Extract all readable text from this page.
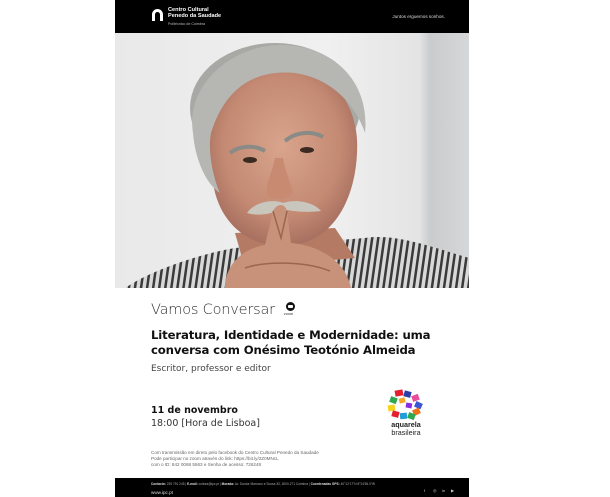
Centro Cultural
Penedo da Saudade
Politécnico de Coimbra
Juntos erguemos sonhos.
Vamos Conversar	zoom
Literatura, Identidade e Modernidade: uma
conversa com Onésimo Teotónio Almeida
Escritor, professor e editor
11 de novembro
18:00 [Hora de Lisboa]	aquarela
brasileira
Com transmissão em direto pelo facebook do Centro Cultural Penedo da Saudade
Pode participar no zoom através do link: https://bit.ly/2Z0MNcL
com o ID: 842 0068 5563 e Senha de acesso: 726248
Contacto: 239 791 245 | E-mail: cultura@ipc.pt | Morada: Av. Doutor Marnoco e Sousa 30, 3000-271 Coimbra | Coordenadas GPS: 40°12'17"N 8°24'56.0"W
www.ipc.pt	f	◎ in ▶
